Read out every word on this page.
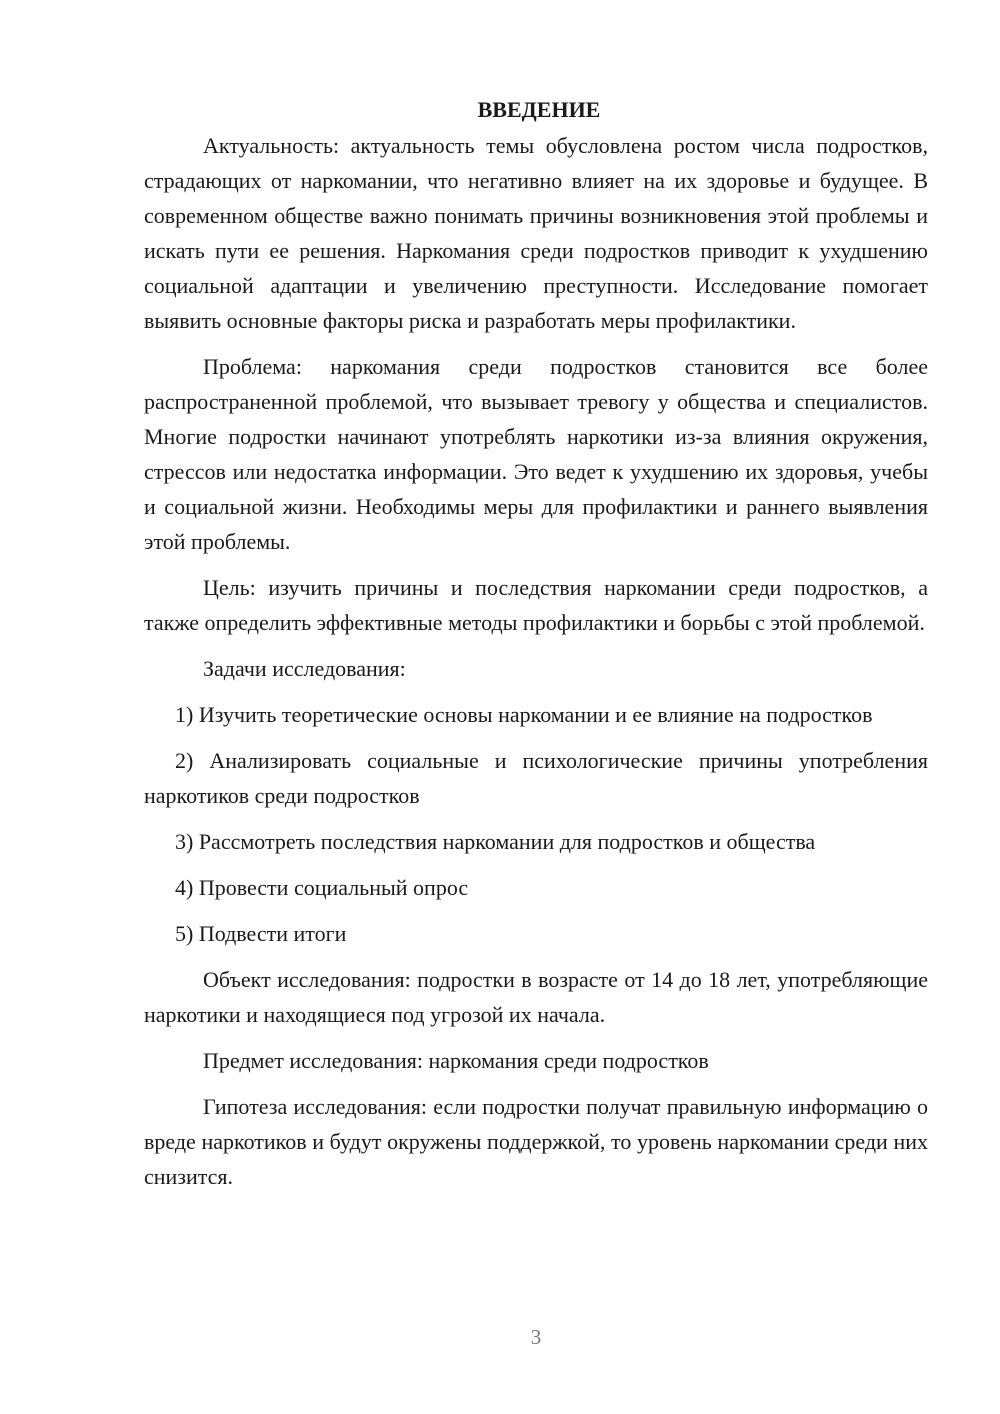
ВВЕДЕНИЕ

Актуальность: актуальность темы обусловлена ростом числа подростков, страдающих от наркомании, что негативно влияет на их здоровье и будущее. В современном обществе важно понимать причины возникновения этой проблемы и искать пути ее решения. Наркомания среди подростков приводит к ухудшению социальной адаптации и увеличению преступности. Исследование помогает выявить основные факторы риска и разработать меры профилактики.

Проблема: наркомания среди подростков становится все более распространенной проблемой, что вызывает тревогу у общества и специалистов. Многие подростки начинают употреблять наркотики из-за влияния окружения, стрессов или недостатка информации. Это ведет к ухудшению их здоровья, учебы и социальной жизни. Необходимы меры для профилактики и раннего выявления этой проблемы.

Цель: изучить причины и последствия наркомании среди подростков, а также определить эффективные методы профилактики и борьбы с этой проблемой.

Задачи исследования:

1) Изучить теоретические основы наркомании и ее влияние на подростков

2) Анализировать социальные и психологические причины употребления наркотиков среди подростков

3) Рассмотреть последствия наркомании для подростков и общества

4) Провести социальный опрос

5) Подвести итоги

Объект исследования: подростки в возрасте от 14 до 18 лет, употребляющие наркотики и находящиеся под угрозой их начала.

Предмет исследования: наркомания среди подростков

Гипотеза исследования: если подростки получат правильную информацию о вреде наркотиков и будут окружены поддержкой, то уровень наркомании среди них снизится.

3
